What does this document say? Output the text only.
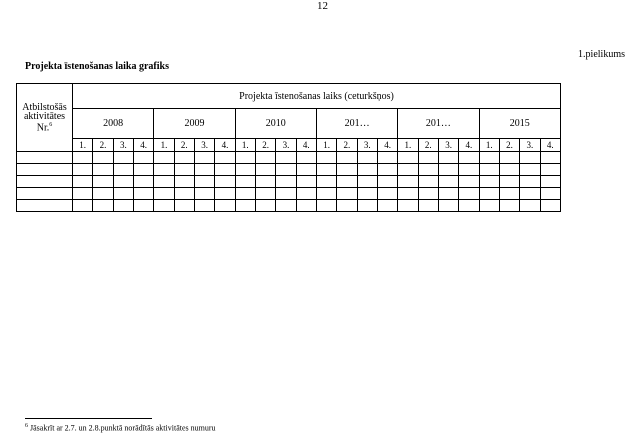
12
1.pielikums
Projekta īstenošanas laika grafiks
Atbilstošās
aktivitātes
Nr.$^6$	Projekta īstenošanas laiks (ceturkšņos)																							
	2008				2009				2010				201…				201…				2015			
	1.	2.	3.	4.	1.	2.	3.	4.	1.	2.	3.	4.	1.	2.	3.	4.	1.	2.	3.	4.	1.	2.	3.	4.

$^6$ Jāsakrīt ar 2.7. un 2.8.punktā norādītās aktivitātes numuru
